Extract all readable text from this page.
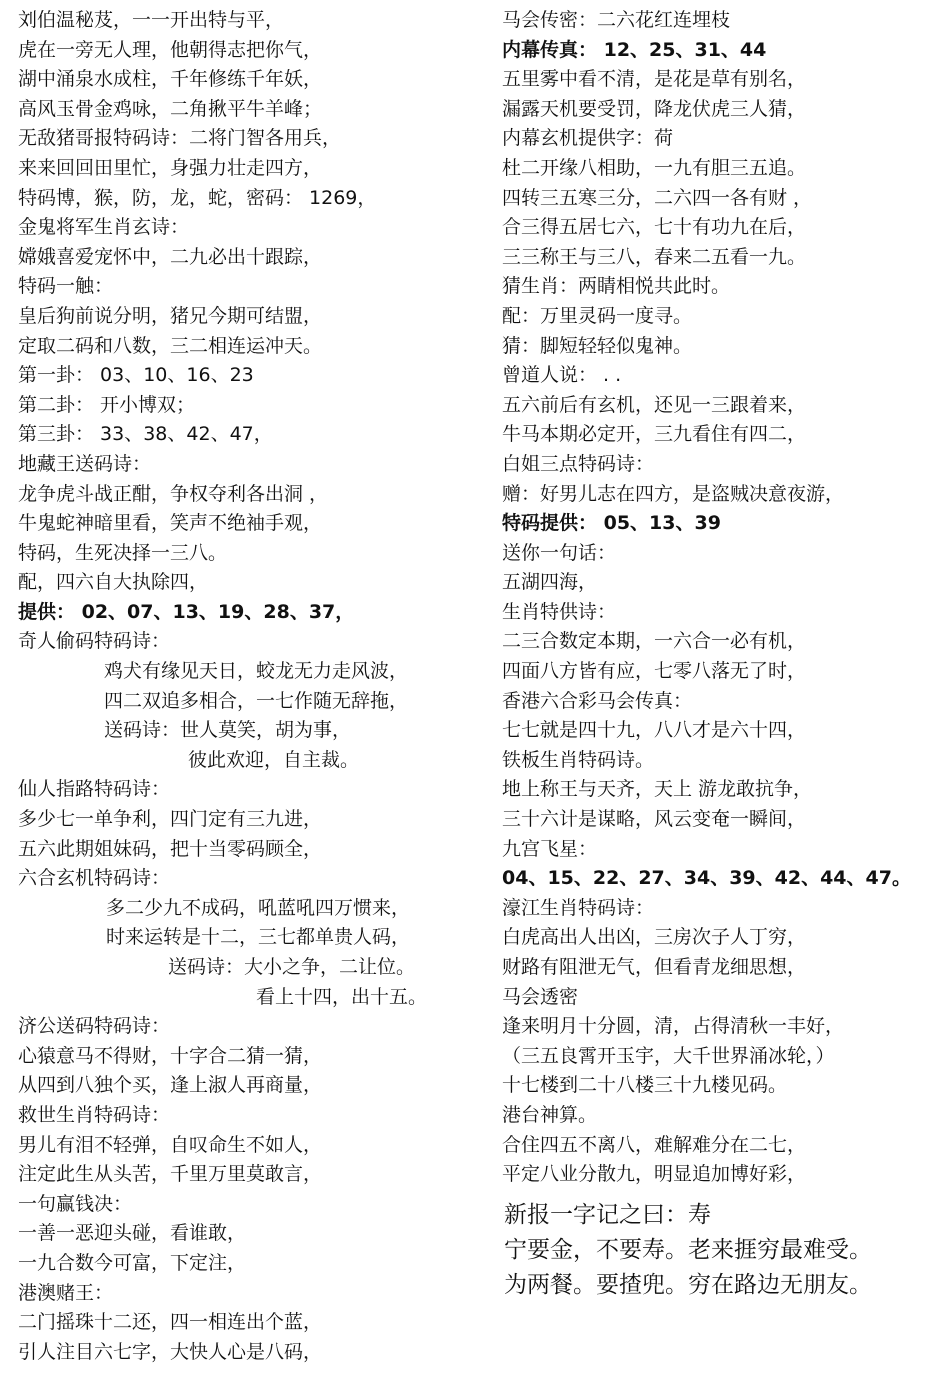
刘伯温秘芨，一一开出特与平，
虎在一旁无人理，他朝得志把你气，
湖中涌泉水成柱，千年修练千年妖，
高风玉骨金鸡咏，二角揪平牛羊峰；
无敌猪哥报特码诗：二将门智各用兵，
来来回回田里忙，身强力壮走四方，
特码博，猴，防，龙，蛇，密码： 1269，
金鬼将军生肖玄诗：
嫦娥喜爱宠怀中，二九必出十跟踪，
特码一触：
皇后狗前说分明，猪兄今期可结盟，
定取二码和八数，三二相连运冲天。
第一卦： 03、10、16、23
第二卦： 开小博双；
第三卦： 33、38、42、47，
地藏王送码诗：
龙争虎斗战正酣，争权夺利各出洞 ，
牛鬼蛇神暗里看，笑声不绝袖手观，
特码，生死决择一三八。
配，四六自大执除四，
提供： 02、07、13、19、28、37，
奇人偷码特码诗：
鸡犬有缘见天日，蛟龙无力走风波，
四二双追多相合，一七作随无辞拖，
送码诗：世人莫笑，胡为事，
彼此欢迎，自主裁。
仙人指路特码诗：
多少七一单争利，四门定有三九进，
五六此期姐妹码，把十当零码顾全，
六合玄机特码诗：
多二少九不成码，吼蓝吼四万惯来，
时来运转是十二，三七都单贵人码，
送码诗：大小之争，二让位。
看上十四，出十五。
济公送码特码诗：
心猿意马不得财，十字合二猜一猜，
从四到八独个买，逢上淑人再商量，
救世生肖特码诗：
男儿有泪不轻弹，自叹命生不如人，
注定此生从头苦，千里万里莫敢言，
一句赢钱决：
一善一恶迎头碰，看谁敢，
一九合数今可富，下定注，
港澳赌王：
二门摇珠十二还，四一相连出个蓝，
引人注目六七字，大快人心是八码，
马会传密：二六花红连埋枝
内幕传真： 12、25、31、44
五里雾中看不清，是花是草有别名，
漏露天机要受罚，降龙伏虎三人猜，
内幕玄机提供字：荷
杜二开缘八相助，一九有胆三五追。
四转三五寒三分，二六四一各有财 ，
合三得五居七六，七十有功九在后，
三三称王与三八，春来二五看一九。
猜生肖：两睛相悦共此时。
配：万里灵码一度寻。
猜：脚短轻轻似鬼神。
曾道人说： . .
五六前后有玄机，还见一三跟着来，
牛马本期必定开，三九看住有四二，
白姐三点特码诗：
赠：好男儿志在四方，是盗贼决意夜游，
特码提供： 05、13、39
送你一句话：
五湖四海，
生肖特供诗：
二三合数定本期，一六合一必有机，
四面八方皆有应，七零八落无了时，
香港六合彩马会传真：
七七就是四十九，八八才是六十四，
铁板生肖特码诗。
地上称王与天齐，天上 游龙敢抗争，
三十六计是谋略，风云变奄一瞬间，
九宫飞星：
04、15、22、27、34、39、42、44、47。
濠江生肖特码诗：
白虎高出人出凶，三房次子人丁穷，
财路有阻泄无气，但看青龙细思想，
马会透密
逢来明月十分圆，清，占得清秋一丰好，
（三五良霄开玉宇，大千世界涌冰轮，）
十七楼到二十八楼三十九楼见码。
港台神算。
合住四五不离八，难解难分在二七，
平定八业分散九，明显追加博好彩，
新报一字记之曰：寿
宁要金，不要寿。老来捱穷最难受。
为两餐。要揸兜。穷在路边无朋友。
